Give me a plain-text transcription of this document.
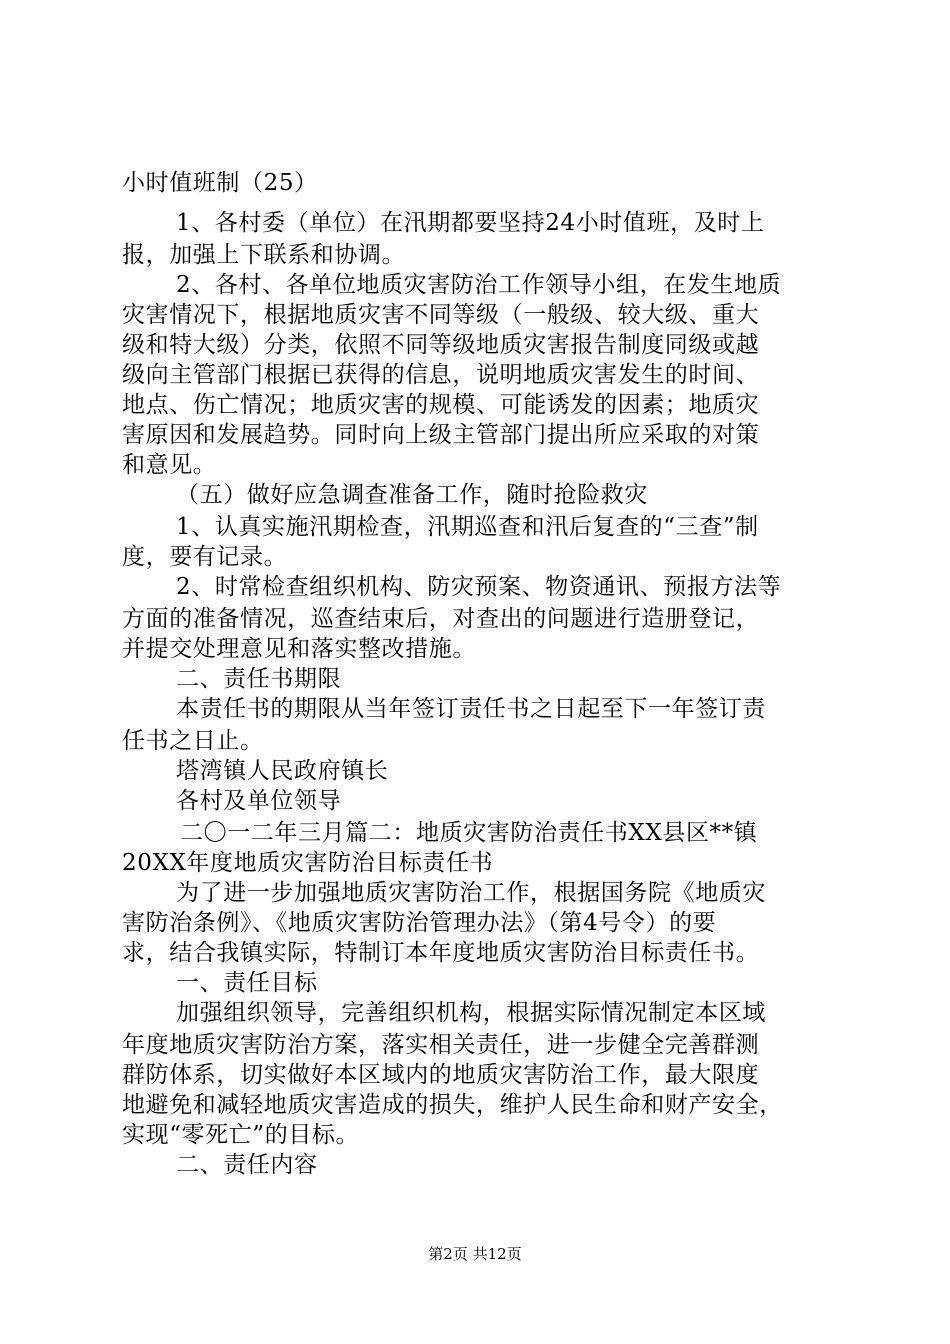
小时值班制（25）
1、各村委（单位）在汛期都要坚持24小时值班，及时上
报，加强上下联系和协调。
2、各村、各单位地质灾害防治工作领导小组，在发生地质
灾害情况下，根据地质灾害不同等级（一般级、较大级、重大
级和特大级）分类，依照不同等级地质灾害报告制度同级或越
级向主管部门根据已获得的信息，说明地质灾害发生的时间、
地点、伤亡情况；地质灾害的规模、可能诱发的因素；地质灾
害原因和发展趋势。同时向上级主管部门提出所应采取的对策
和意见。
（五）做好应急调查准备工作，随时抢险救灾
1、认真实施汛期检查，汛期巡查和汛后复查的“三查”制
度，要有记录。
2、时常检查组织机构、防灾预案、物资通讯、预报方法等
方面的准备情况，巡查结束后，对查出的问题进行造册登记，
并提交处理意见和落实整改措施。
二、责任书期限
本责任书的期限从当年签订责任书之日起至下一年签订责
任书之日止。
塔湾镇人民政府镇长
各村及单位领导
二〇一二年三月篇二：地质灾害防治责任书XX县区**镇
20XX年度地质灾害防治目标责任书
为了进一步加强地质灾害防治工作，根据国务院《地质灾
害防治条例》、《地质灾害防治管理办法》（第4号令）的要
求，结合我镇实际，特制订本年度地质灾害防治目标责任书。
一、责任目标
加强组织领导，完善组织机构，根据实际情况制定本区域
年度地质灾害防治方案，落实相关责任，进一步健全完善群测
群防体系，切实做好本区域内的地质灾害防治工作，最大限度
地避免和减轻地质灾害造成的损失，维护人民生命和财产安全，
实现“零死亡”的目标。
二、责任内容
第2页 共12页
